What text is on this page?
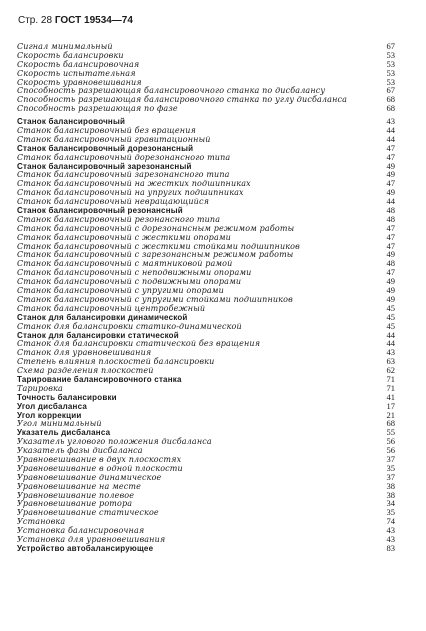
Стр. 28 ГОСТ 19534—74
Сигнал минимальный	67
Скорость балансировки	53
Скорость балансировочная	53
Скорость испытательная	53
Скорость уравновешивания	53
Способность разрешающая балансировочного станка по дисбалансу	67
Способность разрешающая балансировочного станка по углу дисбаланса	68
Способность разрешающая по фазе	68
Станок балансировочный	43
Станок балансировочный без вращения	44
Станок балансировочный гравитационный	44
Станок балансировочный дорезонансный	47
Станок балансировочный дорезонансного типа	47
Станок балансировочный зарезонансный	49
Станок балансировочный зарезонансного типа	49
Станок балансировочный на жестких подшипниках	47
Станок балансировочный на упругих подшипниках	49
Станок балансировочный невращающийся	44
Станок балансировочный резонансный	48
Станок балансировочный резонансного типа	48
Станок балансировочный с дорезонансным режимом работы	47
Станок балансировочный с жесткими опорами	47
Станок балансировочный с жесткими стойками подшипников	47
Станок балансировочный с зарезонансным режимом работы	49
Станок балансировочный с маятниковой рамой	48
Станок балансировочный с неподвижными опорами	47
Станок балансировочный с подвижными опорами	49
Станок балансировочный с упругими опорами	49
Станок балансировочный с упругими стойками подшипников	49
Станок балансировочный центробежный	45
Станок для балансировки динамической	45
Станок для балансировки статико-динамической	45
Станок для балансировки статической	44
Станок для балансировки статической без вращения	44
Станок для уравновешивания	43
Степень влияния плоскостей балансировки	63
Схема разделения плоскостей	62
Тарирование балансировочного станка	71
Тарировка	71
Точность балансировки	41
Угол дисбаланса	17
Угол коррекции	21
Угол минимальный	68
Указатель дисбаланса	55
Указатель углового положения дисбаланса	56
Указатель фазы дисбаланса	56
Уравновешивание в двух плоскостях	37
Уравновешивание в одной плоскости	35
Уравновешивание динамическое	37
Уравновешивание на месте	38
Уравновешивание полевое	38
Уравновешивание ротора	34
Уравновешивание статическое	35
Установка	74
Установка балансировочная	43
Установка для уравновешивания	43
Устройство автобалансирующее	83
